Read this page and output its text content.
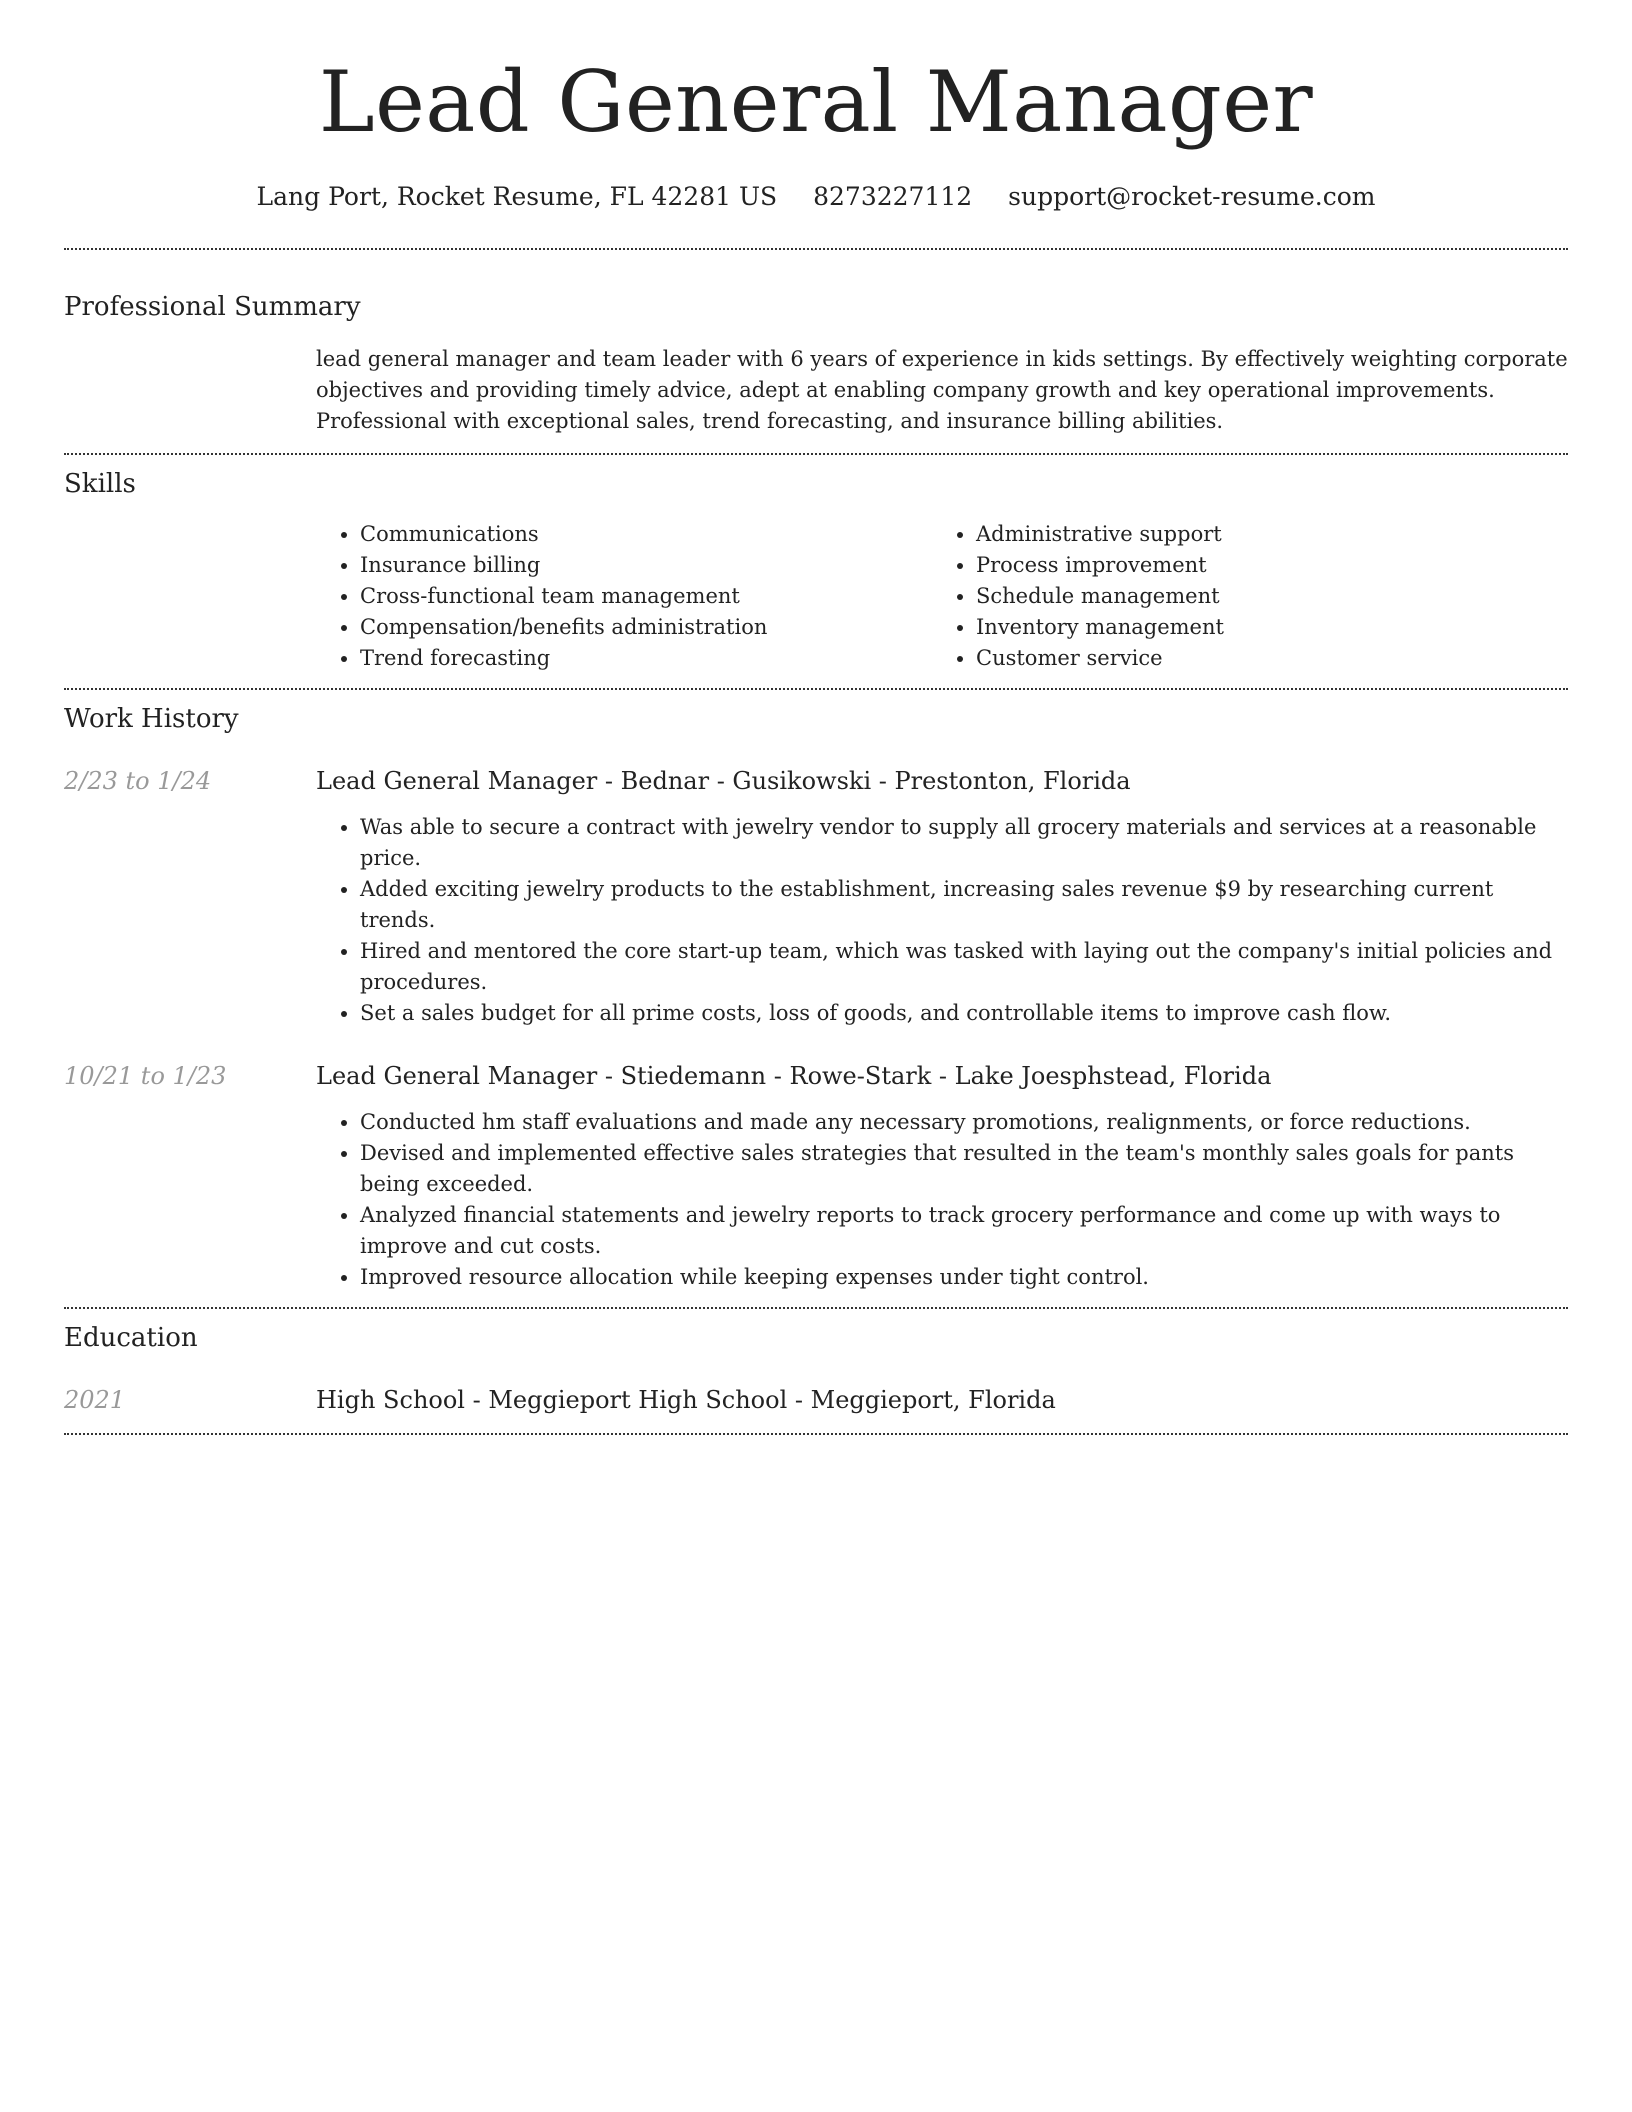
Lead General Manager
Lang Port, Rocket Resume, FL 42281 US 8273227112 support@rocket-resume.com
Professional Summary

lead general manager and team leader with 6 years of experience in kids settings. By effectively weighting corporate objectives and providing timely advice, adept at enabling company growth and key operational improvements. Professional with exceptional sales, trend forecasting, and insurance billing abilities.

Skills
• Communications
• Insurance billing
• Cross-functional team management
• Compensation/benefits administration
• Trend forecasting
• Administrative support
• Process improvement
• Schedule management
• Inventory management
• Customer service
Work History
2/23 to 1/24	Lead General Manager - Bednar - Gusikowski - Prestonton, Florida
• Was able to secure a contract with jewelry vendor to supply all grocery materials and services at a reasonable price.
• Added exciting jewelry products to the establishment, increasing sales revenue $9 by researching current trends.
• Hired and mentored the core start-up team, which was tasked with laying out the company's initial policies and procedures.
• Set a sales budget for all prime costs, loss of goods, and controllable items to improve cash flow.
10/21 to 1/23	Lead General Manager - Stiedemann - Rowe-Stark - Lake Joesphstead, Florida
• Conducted hm staff evaluations and made any necessary promotions, realignments, or force reductions.
• Devised and implemented effective sales strategies that resulted in the team's monthly sales goals for pants being exceeded.
• Analyzed financial statements and jewelry reports to track grocery performance and come up with ways to improve and cut costs.
• Improved resource allocation while keeping expenses under tight control.
Education
2021	High School - Meggieport High School - Meggieport, Florida
